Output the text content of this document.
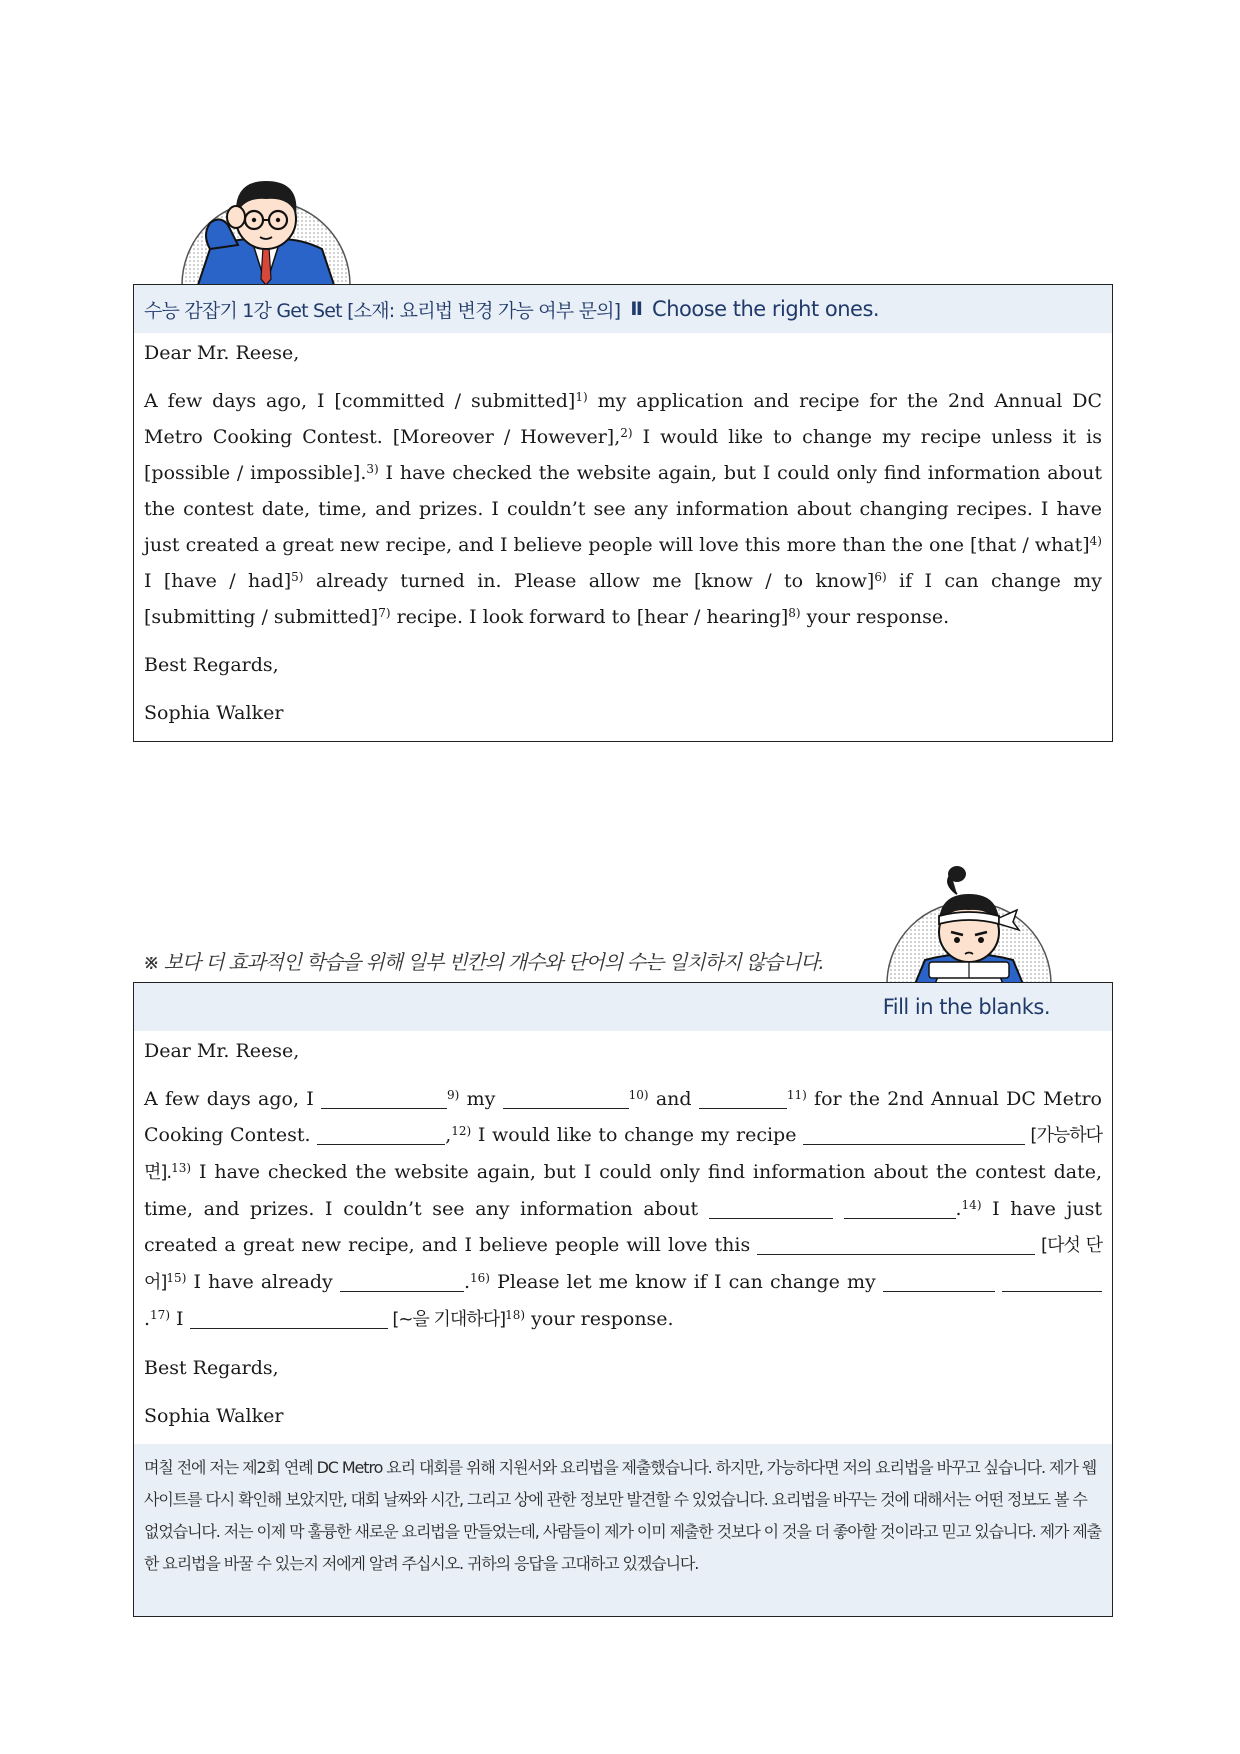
수능 감잡기 1강 Get Set [소재: 요리법 변경 가능 여부 문의] Ⅱ Choose the right ones.

Dear Mr. Reese,

A few days ago, I [committed / submitted]$^{1)}$ my application and recipe for the 2nd Annual DC Metro Cooking Contest. [Moreover / However],$^{2)}$ I would like to change my recipe unless it is [possible / impossible].$^{3)}$ I have checked the website again, but I could only find information about the contest date, time, and prizes. I couldn’t see any information about changing recipes. I have just created a great new recipe, and I believe people will love this more than the one [that / what]$^{4)}$ I [have / had]$^{5)}$ already turned in. Please allow me [know / to know]$^{6)}$ if I can change my [submitting / submitted]$^{7)}$ recipe. I look forward to [hear / hearing]$^{8)}$ your response.

Best Regards,

Sophia Walker

※ 보다 더 효과적인 학습을 위해 일부 빈칸의 개수와 단어의 수는 일치하지 않습니다.
Fill in the blanks.

Dear Mr. Reese,

A few days ago, I	$^{9)}$ my	$^{10)}$ and	$^{11)}$ for the 2nd Annual DC Metro Cooking Contest.	,$^{12)}$ I would like to change my recipe	[가능하다면].$^{13)}$ I have checked the website again, but I could only find information about the contest date, time, and prizes. I couldn’t see any information about	.$^{14)}$ I have just created a great new recipe, and I believe people will love this	[다섯 단어]$^{15)}$ I have already	.$^{16)}$ Please let me know if I can change my  .$^{17)}$ I	[~을 기대하다]$^{18)}$ your response.

Best Regards,

Sophia Walker

며칠 전에 저는 제2회 연례 DC Metro 요리 대회를 위해 지원서와 요리법을 제출했습니다. 하지만, 가능하다면 저의 요리법을 바꾸고 싶습니다. 제가 웹사이트를 다시 확인해 보았지만, 대회 날짜와 시간, 그리고 상에 관한 정보만 발견할 수 있었습니다. 요리법을 바꾸는 것에 대해서는 어떤 정보도 볼 수 없었습니다. 저는 이제 막 훌륭한 새로운 요리법을 만들었는데, 사람들이 제가 이미 제출한 것보다 이 것을 더 좋아할 것이라고 믿고 있습니다. 제가 제출한 요리법을 바꿀 수 있는지 저에게 알려 주십시오. 귀하의 응답을 고대하고 있겠습니다.
